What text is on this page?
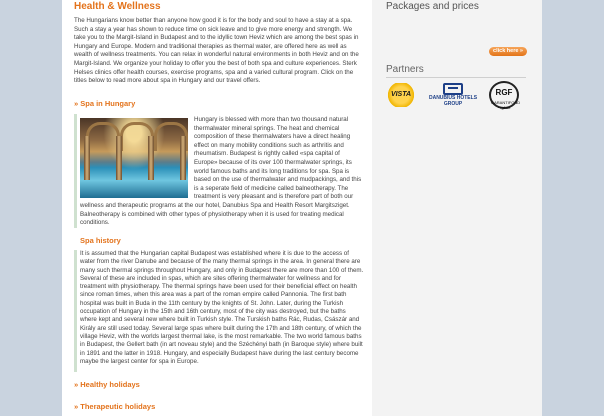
Health & Wellness

The Hungarians know better than anyone how good it is for the body and soul to have a stay at a spa. Such a stay a year has shown to reduce time on sick leave and to give more energy and strength. We take you to the Margit-Island in Budapest and to the idyllic town Heviz which are among the best spas in Hungary and Europe. Modern and traditional therapies as thermal water, are offered here as well as wealth of wellness treatments. You can relax in wonderful natural environments in both Heviz and on the Margit-Island. We organize your holiday to offer you the best of both spa and culture experiences. Sterk Helses clinics offer health courses, exercise programs, spa and a varied cultural program. Click on the titles below to read more about spa in Hungary and our travel offers.

» Spa in Hungary
Hungary is blessed with more than two thousand natural thermalwater mineral springs. The heat and chemical composition of these thermalwaters have a direct healing effect on many mobility conditions such as arthritis and rheumatism. Budapest is rightly called «spa capital of Europe» because of its over 100 thermalwater springs, its world famous baths and its long traditions for spa. Spa is based on the use of thermalwater and mudpackings, and this is a seperate field of medicine called balneotherapy. The treatment is very pleasant and is therefore part of both our wellness and therapeutic programs at the our hotel, Danubius Spa and Health Resort Margitsziget. Balneotherapy is combined with other types of physiotherapy when it is used for treating medical conditions.
Spa history
It is assumed that the Hungarian capital Budapest was established where it is due to the access of water from the river Danube and because of the many thermal springs in the area. In general there are many such thermal springs throughout Hungary, and only in Budapest there are more than 100 of them. Several of these are included in spas, which are sites offering thermalwater for wellness and for treatment with physiotherapy. The thermal springs have been used for their beneficial effect on health since roman times, when this area was a part of the roman empire called Pannonia. The first bath hospital was built in Buda in the 11th century by the knights of St. John. Later, during the Turkish occupation of Hungary in the 15th and 16th century, most of the city was destroyed, but the baths where kept and several new where built in Turkish style. The Turskish baths Rác, Rudas, Császár and Király are still used today. Several large spas where built during the 17th and 18th century, of which the village Heviz, with the worlds largest thermal lake, is the most remarkable. The two world famous baths in Budapest, the Gellert bath (in art noveau style) and the Széchényi bath (in Baroque style) where built in 1891 and the latter in 1918. Hungary, and especially Budapest have during the last century become maybe the largest center for spa in Europe.
» Healthy holidays
» Therapeutic holidays
Packages and prices
click here »
Partners
VISTA	DANUBIUS HOTELS
GROUP
RGF
GARANTIFOND · rgf.no
